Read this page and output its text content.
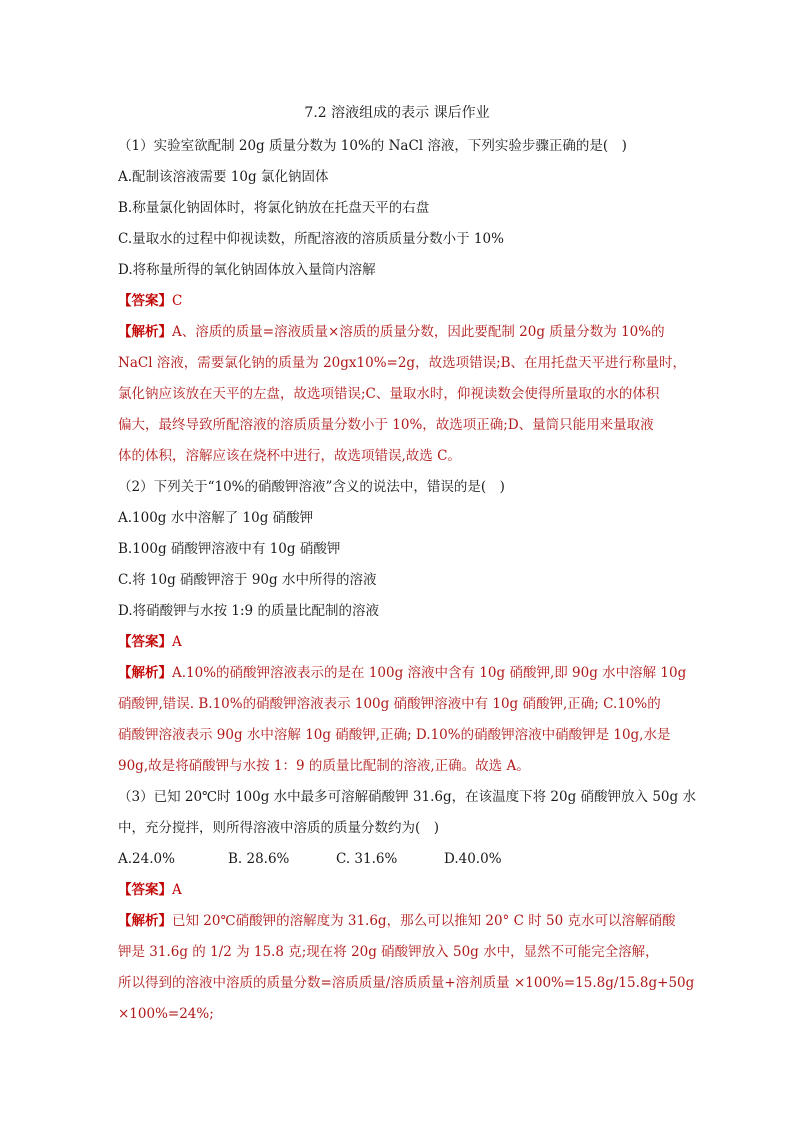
7.2 溶液组成的表示 课后作业
（1）实验室欲配制 20g 质量分数为 10%的 NaCl 溶液，下列实验步骤正确的是(　)
A.配制该溶液需要 10g 氯化钠固体
B.称量氯化钠固体时，将氯化钠放在托盘天平的右盘
C.量取水的过程中仰视读数，所配溶液的溶质质量分数小于 10%
D.将称量所得的氧化钠固体放入量筒内溶解
【答案】C
【解析】A、溶质的质量=溶液质量×溶质的质量分数，因此要配制 20g 质量分数为 10%的
NaCl 溶液，需要氯化钠的质量为 20gx10%=2g，故选项错误;B、在用托盘天平进行称量时，
氯化钠应该放在天平的左盘，故选项错误;C、量取水时，仰视读数会使得所量取的水的体积
偏大，最终导致所配溶液的溶质质量分数小于 10%，故选项正确;D、量筒只能用来量取液
体的体积，溶解应该在烧杯中进行，故选项错误,故选 C。
（2）下列关于“10%的硝酸钾溶液”含义的说法中，错误的是(　)
A.100g 水中溶解了 10g 硝酸钾
B.100g 硝酸钾溶液中有 10g 硝酸钾
C.将 10g 硝酸钾溶于 90g 水中所得的溶液
D.将硝酸钾与水按 1:9 的质量比配制的溶液
【答案】A
【解析】A.10%的硝酸钾溶液表示的是在 100g 溶液中含有 10g 硝酸钾,即 90g 水中溶解 10g
硝酸钾,错误. B.10%的硝酸钾溶液表示 100g 硝酸钾溶液中有 10g 硝酸钾,正确; C.10%的
硝酸钾溶液表示 90g 水中溶解 10g 硝酸钾,正确; D.10%的硝酸钾溶液中硝酸钾是 10g,水是
90g,故是将硝酸钾与水按 1：9 的质量比配制的溶液,正确。故选 A。
（3）已知 20℃时 100g 水中最多可溶解硝酸钾 31.6g，在该温度下将 20g 硝酸钾放入 50g 水
中，充分搅拌，则所得溶液中溶质的质量分数约为(　)
A.24.0%	B. 28.6%	C. 31.6%	D.40.0%
【答案】A
【解析】已知 20℃硝酸钾的溶解度为 31.6g，那么可以推知 20° C 时 50 克水可以溶解硝酸
钾是 31.6g 的 1/2 为 15.8 克;现在将 20g 硝酸钾放入 50g 水中，显然不可能完全溶解，
所以得到的溶液中溶质的质量分数=溶质质量/溶质质量+溶剂质量 ×100%=15.8g/15.8g+50g
×100%=24%;
